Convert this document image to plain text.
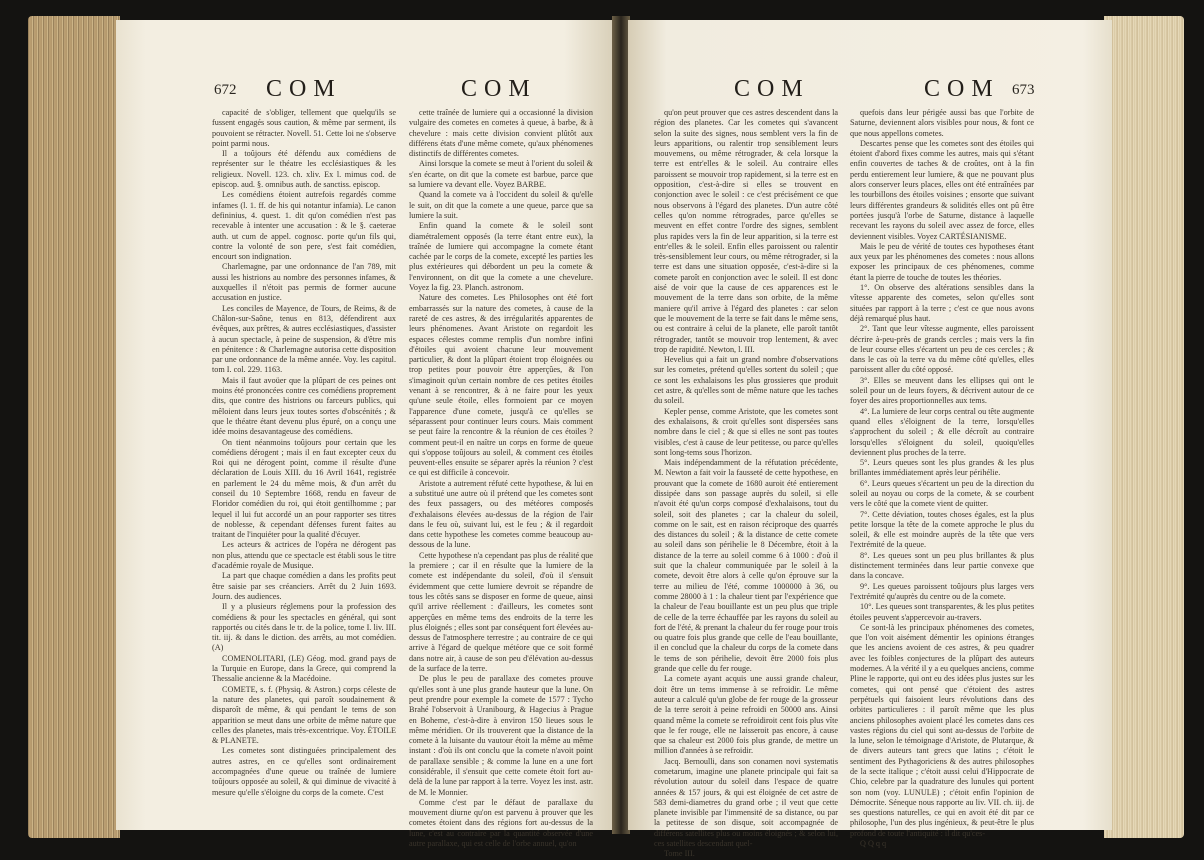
672 COM	COM

capacité de s'obliger, tellement que quelqu'ils se fussent engagés sous caution, & même par serment, ils pouvoient se rétracter. Novell. 51. Cette loi ne s'observe point parmi nous.

Il a toûjours été défendu aux comédiens de représenter sur le théatre les ecclésiastiques & les religieux. Novell. 123. ch. xliv. Ex l. mimus cod. de episcop. aud. §. omnibus auth. de sanctiss. episcop.

Les comédiens étoient autrefois regardés comme infames (l. 1. ff. de his qui notantur infamia). Le canon defininius, 4. quest. 1. dit qu'on comédien n'est pas recevable à intenter une accusation : & le §. caeterae auth. ut cum de appel. cognosc. porte qu'un fils qui, contre la volonté de son pere, s'est fait comédien, encourt son indignation.

Charlemagne, par une ordonnance de l'an 789, mit aussi les histrions au nombre des personnes infames, & auxquelles il n'étoit pas permis de former aucune accusation en justice.

Les conciles de Mayence, de Tours, de Reims, & de Châlon-sur-Saône, tenus en 813, défendirent aux évêques, aux prêtres, & autres ecclésiastiques, d'assister à aucun spectacle, à peine de suspension, & d'être mis en pénitence : & Charlemagne autorisa cette disposition par une ordonnance de la même année. Voy. les capitul. tom I. col. 229. 1163.

Mais il faut avoüer que la plûpart de ces peines ont moins été prononcées contre ces comédiens proprement dits, que contre des histrions ou farceurs publics, qui mêloient dans leurs jeux toutes sortes d'obscénités ; & que le théatre étant devenu plus épuré, on a conçu une idée moins desavantageuse des comédiens.

On tient néanmoins toûjours pour certain que les comédiens dérogent ; mais il en faut excepter ceux du Roi qui ne dérogent point, comme il résulte d'une déclaration de Louis XIII. du 16 Avril 1641, registrée en parlement le 24 du même mois, & d'un arrêt du conseil du 10 Septembre 1668, rendu en faveur de Floridor comédien du roi, qui étoit gentilhomme ; par lequel il lui fut accordé un an pour rapporter ses titres de noblesse, & cependant défenses furent faites au traitant de l'inquiéter pour la qualité d'écuyer.

Les acteurs & actrices de l'opéra ne dérogent pas non plus, attendu que ce spectacle est établi sous le titre d'académie royale de Musique.

La part que chaque comédien a dans les profits peut être saisie par ses créanciers. Arrêt du 2 Juin 1693. Journ. des audiences.

Il y a plusieurs réglemens pour la profession des comédiens & pour les spectacles en général, qui sont rapportés ou cités dans le tr. de la police, tome I. liv. III. tit. iij. & dans le diction. des arrêts, au mot comédien. (A)

COMENOLITARI, (LE) Géog. mod. grand pays de la Turquie en Europe, dans la Grece, qui comprend la Thessalie ancienne & la Macédoine.

COMETE, s. f. (Physiq. & Astron.) corps céleste de la nature des planetes, qui paroît soudainement & disparoît de même, & qui pendant le tems de son apparition se meut dans une orbite de même nature que celles des planetes, mais très-excentrique. Voy. ÉTOILE & PLANETE.

Les cometes sont distinguées principalement des autres astres, en ce qu'elles sont ordinairement accompagnées d'une queue ou traînée de lumiere toûjours opposée au soleil, & qui diminue de vivacité à mesure qu'elle s'éloigne du corps de la comete. C'est

cette traînée de lumiere qui a occasionné la division vulgaire des cometes en cometes à queue, à barbe, & à chevelure : mais cette division convient plûtôt aux différens états d'une même comete, qu'aux phénomenes distinctifs de différentes cometes.

Ainsi lorsque la comete se meut à l'orient du soleil & s'en écarte, on dit que la comete est barbue, parce que sa lumiere va devant elle. Voyez BARBE.

Quand la comete va à l'occident du soleil & qu'elle le suit, on dit que la comete a une queue, parce que sa lumiere la suit.

Enfin quand la comete & le soleil sont diamétralement opposés (la terre étant entre eux), la traînée de lumiere qui accompagne la comete étant cachée par le corps de la comete, excepté les parties les plus extérieures qui débordent un peu la comete & l'environnent, on dit que la comete a une chevelure. Voyez la fig. 23. Planch. astronom.

Nature des cometes. Les Philosophes ont été fort embarrassés sur la nature des cometes, à cause de la rareté de ces astres, & des irrégularités apparentes de leurs phénomenes. Avant Aristote on regardoit les espaces célestes comme remplis d'un nombre infini d'étoiles qui avoient chacune leur mouvement particulier, & dont la plûpart étoient trop éloignées ou trop petites pour pouvoir être apperçûes, & l'on s'imaginoit qu'un certain nombre de ces petites étoiles venant à se rencontrer, & à ne faire pour les yeux qu'une seule étoile, elles formoient par ce moyen l'apparence d'une comete, jusqu'à ce qu'elles se séparassent pour continuer leurs cours. Mais comment se peut faire la rencontre & la réunion de ces étoiles ? comment peut-il en naître un corps en forme de queue qui s'oppose toûjours au soleil, & comment ces étoiles peuvent-elles ensuite se séparer après la réunion ? c'est ce qui est difficile à concevoir.

Aristote a autrement réfuté cette hypothese, & lui en a substitué une autre où il prétend que les cometes sont des feux passagers, ou des météores composés d'exhalaisons élevées au-dessus de la région de l'air dans le feu où, suivant lui, est le feu ; & il regardoit dans cette hypothese les cometes comme beaucoup au-dessous de la lune.

Cette hypothese n'a cependant pas plus de réalité que la premiere ; car il en résulte que la lumiere de la comete est indépendante du soleil, d'où il s'ensuit évidemment que cette lumiere devroit se répandre de tous les côtés sans se disposer en forme de queue, ainsi qu'il arrive réellement : d'ailleurs, les cometes sont apperçûes en même tems des endroits de la terre les plus éloignés ; elles sont par conséquent fort élevées au-dessus de l'atmosphere terrestre ; au contraire de ce qui arrive à l'égard de quelque météore que ce soit formé dans notre air, à cause de son peu d'élévation au-dessus de la surface de la terre.

De plus le peu de parallaxe des cometes prouve qu'elles sont à une plus grande hauteur que la lune. On peut prendre pour exemple la comete de 1577 : Tycho Brahé l'observoit à Uranibourg, & Hagecius à Prague en Boheme, c'est-à-dire à environ 150 lieues sous le même méridien. Or ils trouverent que la distance de la comete à la luisante du vautour étoit la même au même instant : d'où ils ont conclu que la comete n'avoit point de parallaxe sensible ; & comme la lune en a une fort considérable, il s'ensuit que cette comete étoit fort au-delà de la lune par rapport à la terre. Voyez les inst. astr. de M. le Monnier.

Comme c'est par le défaut de parallaxe du mouvement diurne qu'on est parvenu à prouver que les cometes étoient dans des régions fort au-dessus de la lune, c'est au contraire par la quantité observée d'une autre parallaxe, qui est celle de l'orbe annuel, qu'on

COM	COM 673

qu'on peut prouver que ces astres descendent dans la région des planetes. Car les cometes qui s'avancent selon la suite des signes, nous semblent vers la fin de leurs apparitions, ou ralentir trop sensiblement leurs mouvemens, ou même rétrograder, & cela lorsque la terre est entr'elles & le soleil. Au contraire elles paroissent se mouvoir trop rapidement, si la terre est en opposition, c'est-à-dire si elles se trouvent en conjonction avec le soleil : ce c'est précisément ce que nous observons à l'égard des planetes. D'un autre côté celles qu'on nomme rétrogrades, parce qu'elles se meuvent en effet contre l'ordre des signes, semblent plus rapides vers la fin de leur apparition, si la terre est entr'elles & le soleil. Enfin elles paroissent ou ralentir très-sensiblement leur cours, ou même rétrograder, si la terre est dans une situation opposée, c'est-à-dire si la comete paroît en conjonction avec le soleil. Il est donc aisé de voir que la cause de ces apparences est le mouvement de la terre dans son orbite, de la même maniere qu'il arrive à l'égard des planetes : car selon que le mouvement de la terre se fait dans le même sens, ou est contraire à celui de la planete, elle paroît tantôt rétrograder, tantôt se mouvoir trop lentement, & avec trop de rapidité. Newton, l. III.

Hevelius qui a fait un grand nombre d'observations sur les cometes, prétend qu'elles sortent du soleil ; que ce sont les exhalaisons les plus grossieres que produit cet astre, & qu'elles sont de même nature que les taches du soleil.

Kepler pense, comme Aristote, que les cometes sont des exhalaisons, & croit qu'elles sont dispersées sans nombre dans le ciel ; & que si elles ne sont pas toutes visibles, c'est à cause de leur petitesse, ou parce qu'elles sont long-tems sous l'horizon.

Mais indépendamment de la réfutation précédente, M. Newton a fait voir la fausseté de cette hypothese, en prouvant que la comete de 1680 auroit été entierement dissipée dans son passage auprès du soleil, si elle n'avoit été qu'un corps composé d'exhalaisons, tout du soleil, soit des planetes ; car la chaleur du soleil, comme on le sait, est en raison réciproque des quarrés des distances du soleil ; & la distance de cette comete au soleil dans son périhelie le 8 Décembre, étoit à la distance de la terre au soleil comme 6 à 1000 : d'où il suit que la chaleur communiquée par le soleil à la comete, devoit être alors à celle qu'on éprouve sur la terre au milieu de l'été, comme 1000000 à 36, ou comme 28000 à 1 : la chaleur tient par l'expérience que la chaleur de l'eau bouillante est un peu plus que triple de celle de la terre échauffée par les rayons du soleil au fort de l'été, & prenant la chaleur du fer rouge pour trois ou quatre fois plus grande que celle de l'eau bouillante, il en conclud que la chaleur du corps de la comete dans le tems de son périhelie, devoit être 2000 fois plus grande que celle du fer rouge.

La comete ayant acquis une aussi grande chaleur, doit être un tems immense à se refroidir. Le même auteur a calculé qu'un globe de fer rouge de la grosseur de la terre seroit à peine refroidi en 50000 ans. Ainsi quand même la comete se refroidiroit cent fois plus vîte que le fer rouge, elle ne laisseroit pas encore, à cause que sa chaleur est 2000 fois plus grande, de mettre un million d'années à se refroidir.

Jacq. Bernoulli, dans son conamen novi systematis cometarum, imagine une planete principale qui fait sa révolution autour du soleil dans l'espace de quatre années & 157 jours, & qui est éloignée de cet astre de 583 demi-diametres du grand orbe ; il veut que cette planete invisible par l'immensité de sa distance, ou par la petitesse de son disque, soit accompagnée de différens satellites plus ou moins éloignés ; & selon lui, ces satellites descendant quel-

Tome III.

quefois dans leur périgée aussi bas que l'orbite de Saturne, deviennent alors visibles pour nous, & font ce que nous appellons cometes.

Descartes pense que les cometes sont des étoiles qui étoient d'abord fixes comme les autres, mais qui s'étant enfin couvertes de taches & de croûtes, ont à la fin perdu entierement leur lumiere, & que ne pouvant plus alors conserver leurs places, elles ont été entraînées par les tourbillons des étoiles voisines ; ensorte que suivant leurs différentes grandeurs & solidités elles ont pû être portées jusqu'à l'orbe de Saturne, distance à laquelle recevant les rayons du soleil avec assez de force, elles deviennent visibles. Voyez CARTÉSIANISME.

Mais le peu de vérité de toutes ces hypotheses étant aux yeux par les phénomenes des cometes : nous allons exposer les principaux de ces phénomenes, comme étant la pierre de touche de toutes les théories.

1°. On observe des altérations sensibles dans la vîtesse apparente des cometes, selon qu'elles sont situées par rapport à la terre ; c'est ce que nous avons déjà remarqué plus haut.

2°. Tant que leur vîtesse augmente, elles paroissent décrire à-peu-près de grands cercles ; mais vers la fin de leur course elles s'écartent un peu de ces cercles ; & dans le cas où la terre va du même côté qu'elles, elles paroissent aller du côté opposé.

3°. Elles se meuvent dans les ellipses qui ont le soleil pour un de leurs foyers, & décrivent autour de ce foyer des aires proportionnelles aux tems.

4°. La lumiere de leur corps central ou tête augmente quand elles s'éloignent de la terre, lorsqu'elles s'approchent du soleil ; & elle décroît au contraire lorsqu'elles s'éloignent du soleil, quoiqu'elles deviennent plus proches de la terre.

5°. Leurs queues sont les plus grandes & les plus brillantes immédiatement après leur périhélie.

6°. Leurs queues s'écartent un peu de la direction du soleil au noyau ou corps de la comete, & se courbent vers le côté que la comete vient de quitter.

7°. Cette déviation, toutes choses égales, est la plus petite lorsque la tête de la comete approche le plus du soleil, & elle est moindre auprès de la tête que vers l'extrémité de la queue.

8°. Les queues sont un peu plus brillantes & plus distinctement terminées dans leur partie convexe que dans la concave.

9°. Les queues paroissent toûjours plus larges vers l'extrémité qu'auprès du centre ou de la comete.

10°. Les queues sont transparentes, & les plus petites étoiles peuvent s'appercevoir au-travers.

Ce sont-là les principaux phénomenes des cometes, que l'on voit aisément démentir les opinions étranges que les anciens avoient de ces astres, & peu quadrer avec les foibles conjectures de la plûpart des auteurs modernes. A la vérité il y a eu quelques anciens, comme Pline le rapporte, qui ont eu des idées plus justes sur les cometes, qui ont pensé que c'étoient des astres perpétuels qui faisoient leurs révolutions dans des orbites particulieres : il paroît même que les plus anciens philosophes avoient placé les cometes dans ces vastes régions du ciel qui sont au-dessus de l'orbite de la lune, selon le témoignage d'Aristote, de Plutarque, & de divers auteurs tant grecs que latins ; c'étoit le sentiment des Pythagoriciens & des autres philosophes de la secte italique ; c'étoit aussi celui d'Hippocrate de Chio, celebre par la quadrature des lunules qui portent son nom (voy. LUNULE) ; c'étoit enfin l'opinion de Démocrite. Séneque nous rapporte au liv. VII. ch. iij. de ses questions naturelles, ce qui en avoit été dit par ce philosophe, l'un des plus ingénieux, & peut-être le plus profond de toute l'antiquité : il dit qu'ces-

Q Q q q
